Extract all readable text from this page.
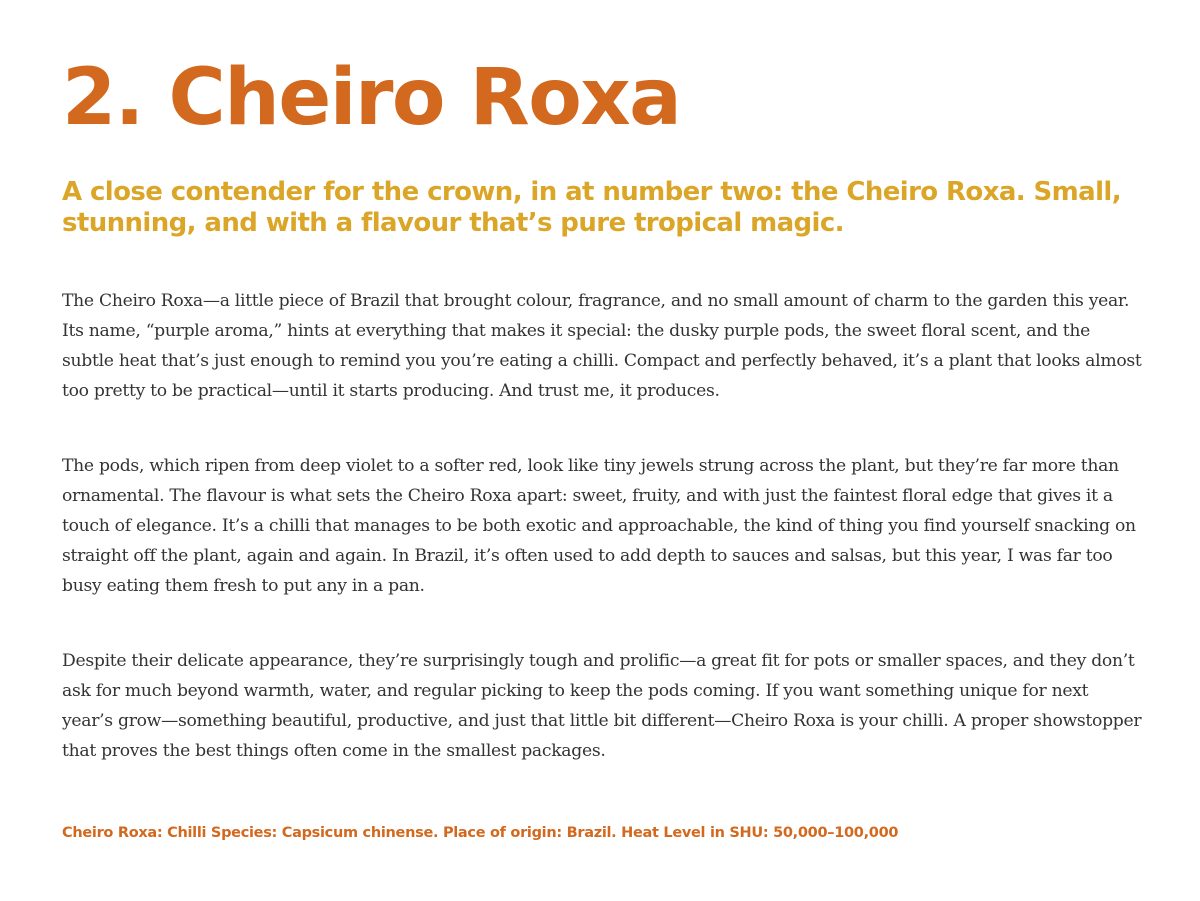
2. Cheiro Roxa
A close contender for the crown, in at number two: the Cheiro Roxa. Small, stunning, and with a flavour that’s pure tropical magic.

The Cheiro Roxa—a little piece of Brazil that brought colour, fragrance, and no small amount of charm to the garden this year. Its name, “purple aroma,” hints at everything that makes it special: the dusky purple pods, the sweet floral scent, and the subtle heat that’s just enough to remind you you’re eating a chilli. Compact and perfectly behaved, it’s a plant that looks almost too pretty to be practical—until it starts producing. And trust me, it produces.

The pods, which ripen from deep violet to a softer red, look like tiny jewels strung across the plant, but they’re far more than ornamental. The flavour is what sets the Cheiro Roxa apart: sweet, fruity, and with just the faintest floral edge that gives it a touch of elegance. It’s a chilli that manages to be both exotic and approachable, the kind of thing you find yourself snacking on straight off the plant, again and again. In Brazil, it’s often used to add depth to sauces and salsas, but this year, I was far too busy eating them fresh to put any in a pan.

Despite their delicate appearance, they’re surprisingly tough and prolific—a great fit for pots or smaller spaces, and they don’t ask for much beyond warmth, water, and regular picking to keep the pods coming. If you want something unique for next year’s grow—something beautiful, productive, and just that little bit different—Cheiro Roxa is your chilli. A proper showstopper that proves the best things often come in the smallest packages.

Cheiro Roxa: Chilli Species: Capsicum chinense. Place of origin: Brazil. Heat Level in SHU: 50,000–100,000
